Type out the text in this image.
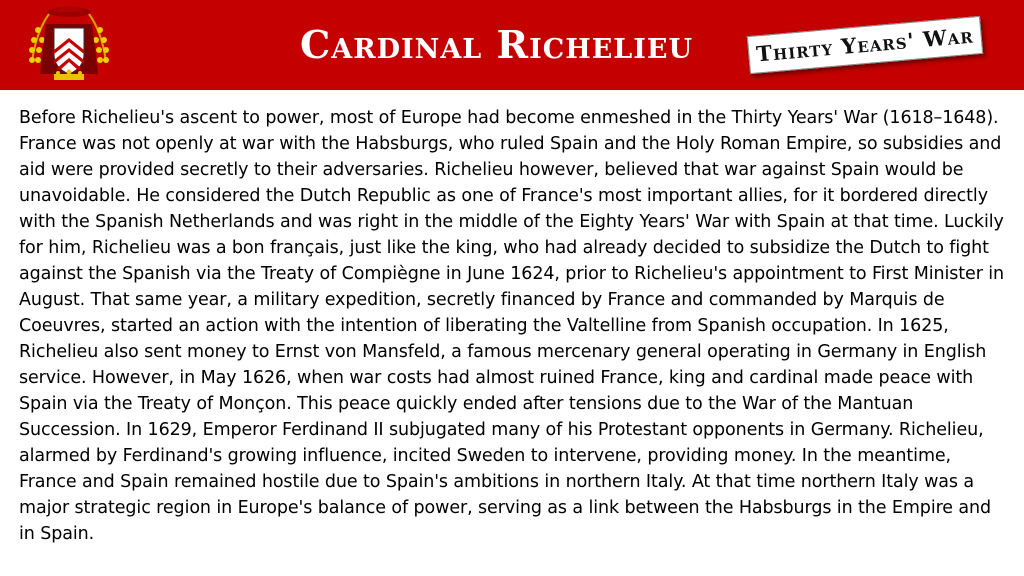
Cardinal Richelieu	Thirty Years' War

Before Richelieu's ascent to power, most of Europe had become enmeshed in the Thirty Years' War (1618–1648). France was not openly at war with the Habsburgs, who ruled Spain and the Holy Roman Empire, so subsidies and aid were provided secretly to their adversaries. Richelieu however, believed that war against Spain would be unavoidable. He considered the Dutch Republic as one of France's most important allies, for it bordered directly with the Spanish Netherlands and was right in the middle of the Eighty Years' War with Spain at that time. Luckily for him, Richelieu was a bon français, just like the king, who had already decided to subsidize the Dutch to fight against the Spanish via the Treaty of Compiègne in June 1624, prior to Richelieu's appointment to First Minister in August. That same year, a military expedition, secretly financed by France and commanded by Marquis de Coeuvres, started an action with the intention of liberating the Valtelline from Spanish occupation. In 1625, Richelieu also sent money to Ernst von Mansfeld, a famous mercenary general operating in Germany in English service. However, in May 1626, when war costs had almost ruined France, king and cardinal made peace with Spain via the Treaty of Monçon. This peace quickly ended after tensions due to the War of the Mantuan Succession. In 1629, Emperor Ferdinand II subjugated many of his Protestant opponents in Germany. Richelieu, alarmed by Ferdinand's growing influence, incited Sweden to intervene, providing money. In the meantime, France and Spain remained hostile due to Spain's ambitions in northern Italy. At that time northern Italy was a major strategic region in Europe's balance of power, serving as a link between the Habsburgs in the Empire and in Spain.
